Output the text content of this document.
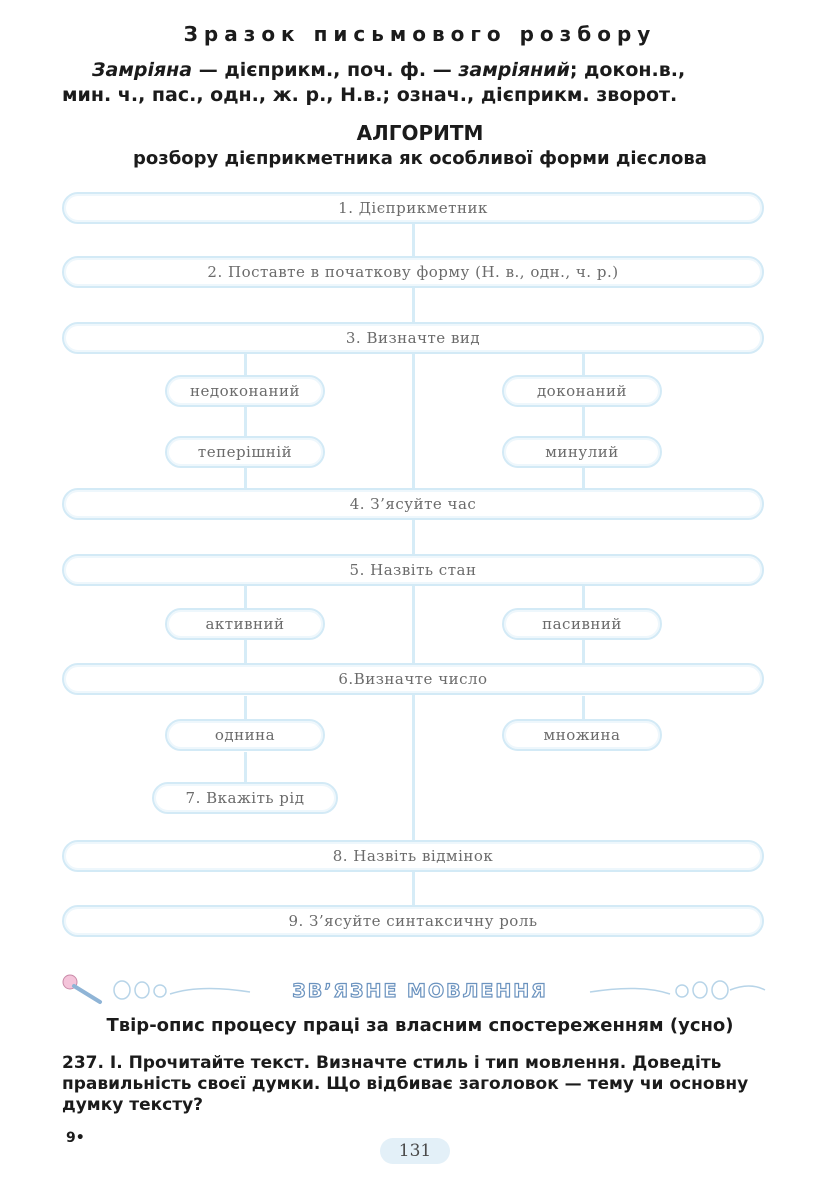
Зразок письмового розбору
Замріяна — дієприкм., поч. ф. — замріяний; докон.в.,
мин. ч., пас., одн., ж. р., Н.в.; означ., дієприкм. зворот.
АЛГОРИТМ
розбору дієприкметника як особливої форми дієслова
1. Дієприкметник
2. Поставте в початкову форму (Н. в., одн., ч. р.)
3. Визначте вид
недоконаний	доконаний
теперішній	минулий
4. З’ясуйте час
5. Назвіть стан
активний	пасивний
6.Визначте число
однина	множина
7. Вкажіть рід
8. Назвіть відмінок
9. З’ясуйте синтаксичну роль
ЗВ’ЯЗНЕ МОВЛЕННЯ
Твір-опис процесу праці за власним спостереженням (усно)
237. І. Прочитайте текст. Визначте стиль і тип мовлення. Доведіть
правильність своєї думки. Що відбиває заголовок — тему чи основну
думку тексту?
9•
131
